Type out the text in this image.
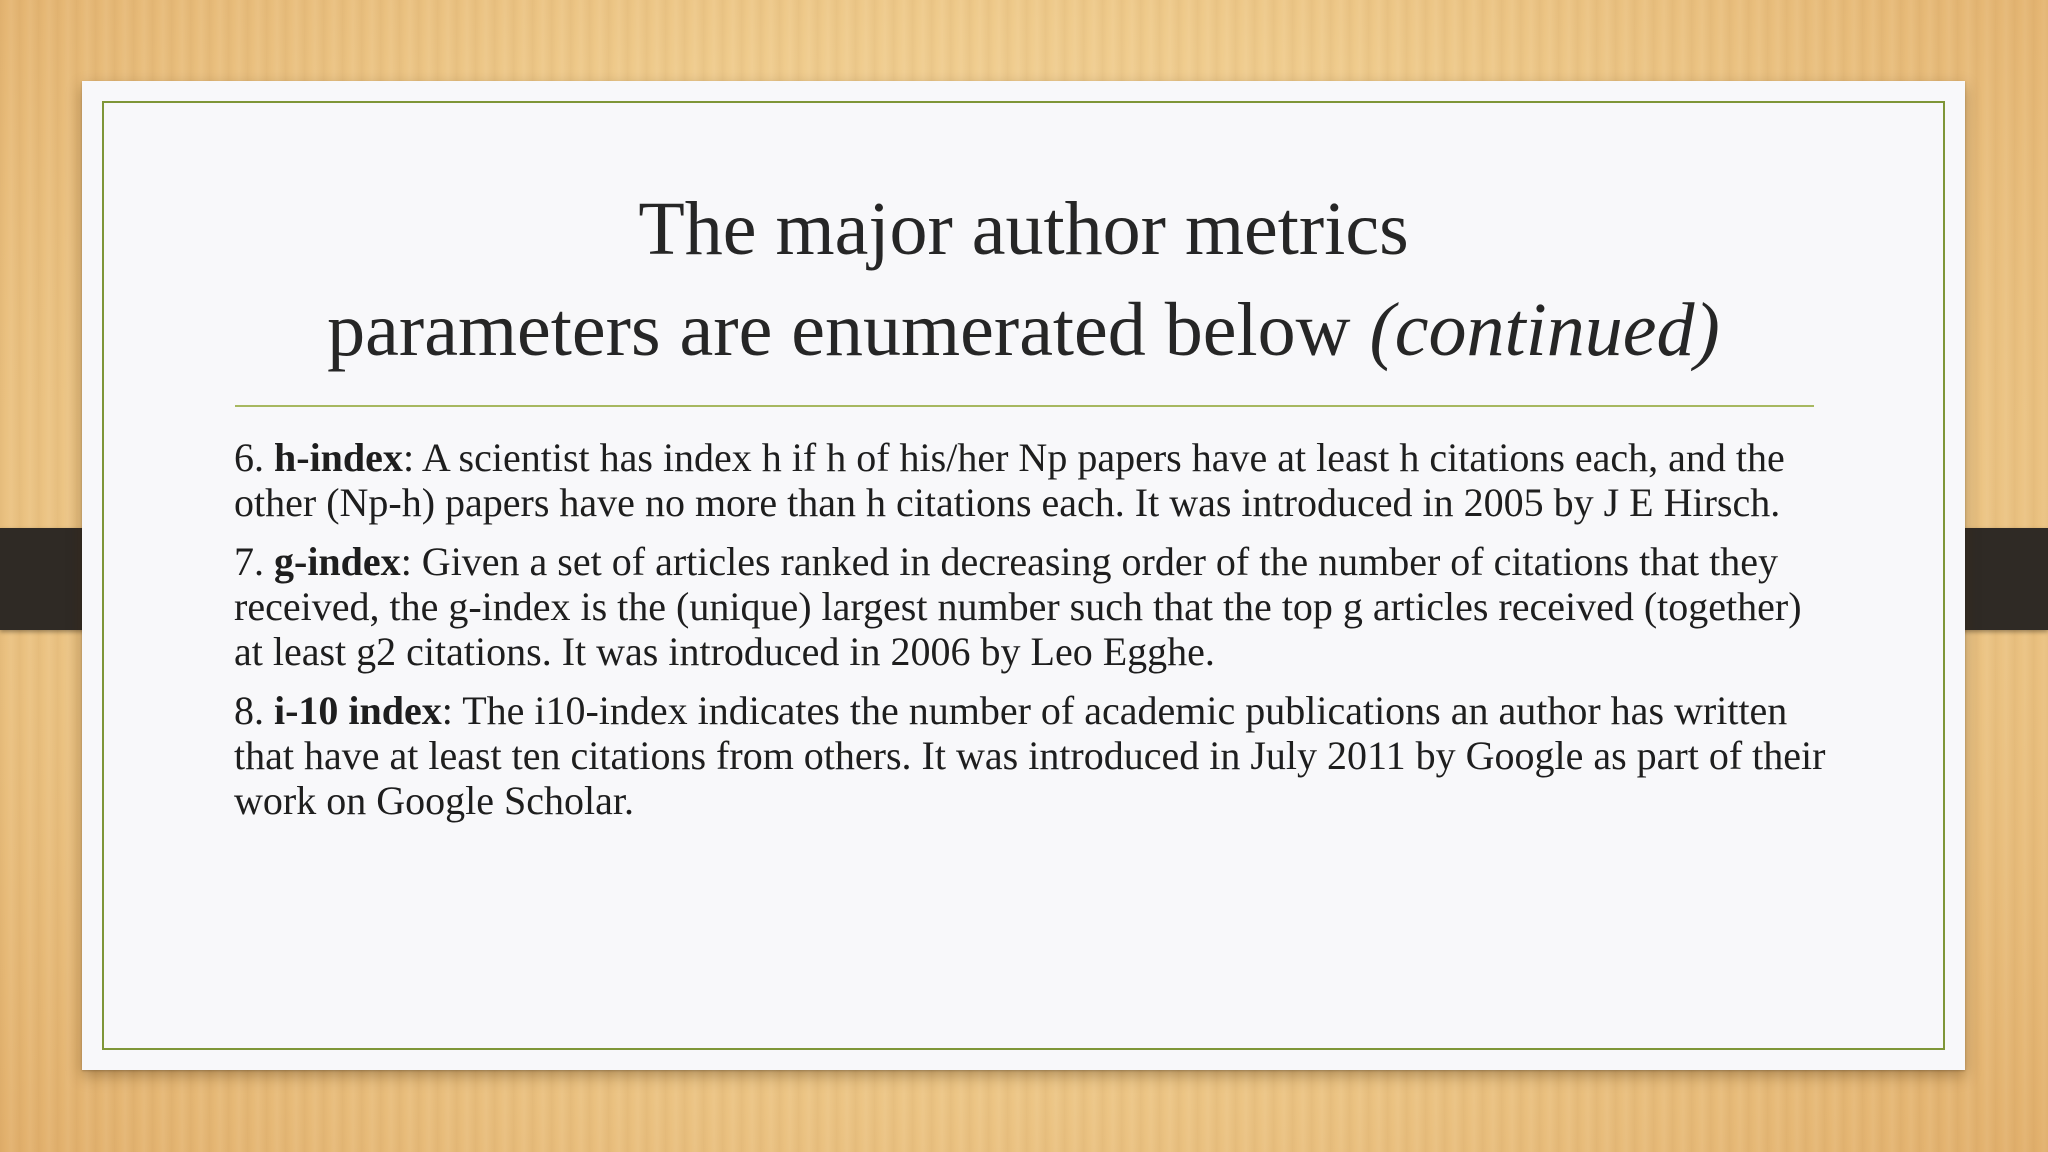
The major author metrics
parameters are enumerated below (continued)

6. h-index: A scientist has index h if h of his/her Np papers have at least h citations each, and the other (Np-h) papers have no more than h citations each. It was introduced in 2005 by J E Hirsch.

7. g-index: Given a set of articles ranked in decreasing order of the number of citations that they received, the g-index is the (unique) largest number such that the top g articles received (together) at least g2 citations. It was introduced in 2006 by Leo Egghe.

8. i-10 index: The i10-index indicates the number of academic publications an author has written that have at least ten citations from others. It was introduced in July 2011 by Google as part of their work on Google Scholar.
